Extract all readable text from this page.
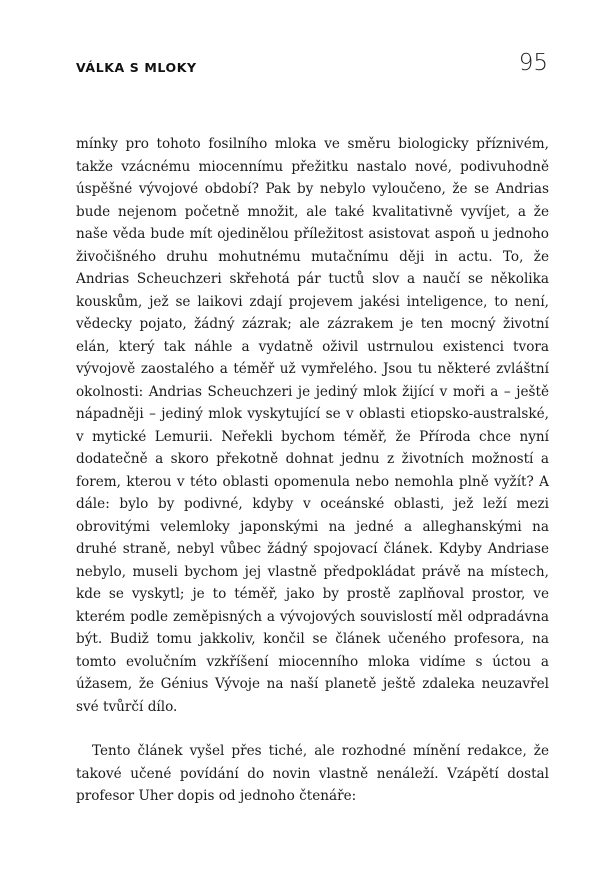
VÁLKA S MLOKY	95

mínky pro tohoto fosilního mloka ve směru biologicky příznivém, takže vzácnému miocennímu přežitku nastalo nové, podivuhodně úspěšné vývojové období? Pak by nebylo vyloučeno, že se Andrias bude nejenom početně množit, ale také kvalitativně vyvíjet, a že naše věda bude mít ojedinělou příležitost asistovat aspoň u jednoho živočišného druhu mohutnému mutačnímu ději in actu. To, že Andrias Scheuchzeri skřehotá pár tuctů slov a naučí se několika kouskům, jež se laikovi zdají projevem jakési inteligence, to není, vědecky pojato, žádný zázrak; ale zázrakem je ten mocný životní elán, který tak náhle a vydatně oživil ustrnulou existenci tvora vývojově zaostalého a téměř už vymřelého. Jsou tu některé zvláštní okolnosti: Andrias Scheuchzeri je jediný mlok žijící v moři a – ještě nápadněji – jediný mlok vyskytující se v oblasti etiopsko-australské, v mytické Lemurii. Neřekli bychom téměř, že Příroda chce nyní dodatečně a skoro překotně dohnat jednu z životních možností a forem, kterou v této oblasti opomenula nebo nemohla plně vyžít? A dále: bylo by podivné, kdyby v oceánské oblasti, jež leží mezi obrovitými velemloky japonskými na jedné a alleghanskými na druhé straně, nebyl vůbec žádný spojovací článek. Kdyby Andriase nebylo, museli bychom jej vlastně předpokládat právě na místech, kde se vyskytl; je to téměř, jako by prostě zaplňoval prostor, ve kterém podle zeměpisných a vývojových souvislostí měl odpradávna být. Budiž tomu jakkoliv, končil se článek učeného profesora, na tomto evolučním vzkříšení miocenního mloka vidíme s úctou a úžasem, že Génius Vývoje na naší planetě ještě zdaleka neuzavřel své tvůrčí dílo.

Tento článek vyšel přes tiché, ale rozhodné mínění redakce, že takové učené povídání do novin vlastně nenáleží. Vzápětí dostal profesor Uher dopis od jednoho čtenáře:
